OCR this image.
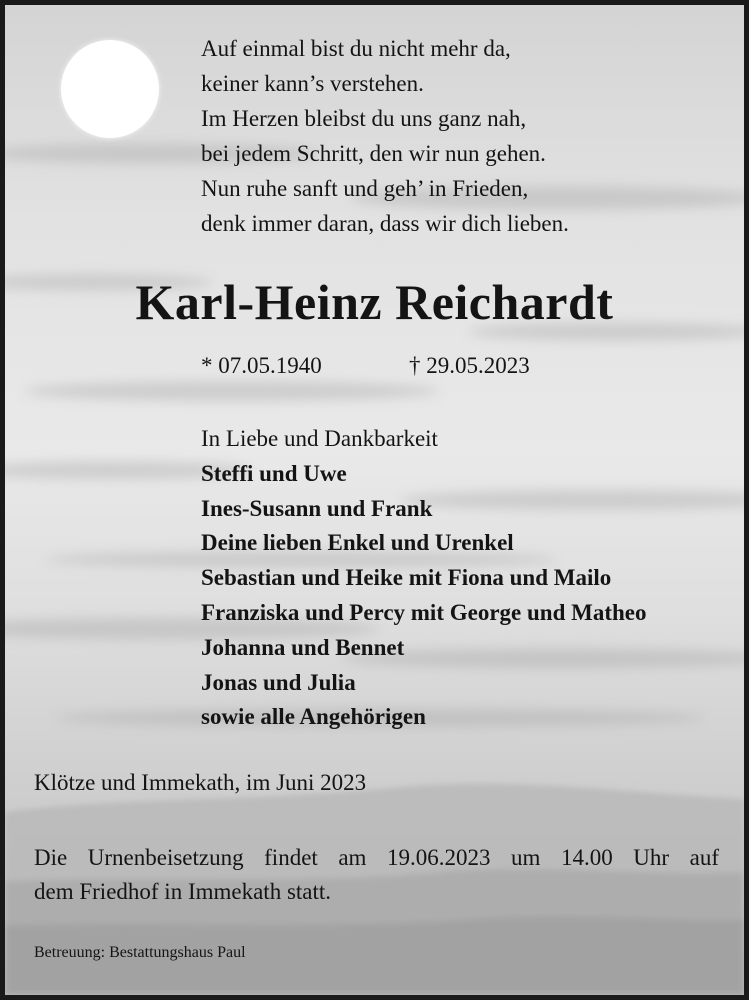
Auf einmal bist du nicht mehr da,
keiner kann’s verstehen.
Im Herzen bleibst du uns ganz nah,
bei jedem Schritt, den wir nun gehen.
Nun ruhe sanft und geh’ in Frieden,
denk immer daran, dass wir dich lieben.
Karl-Heinz Reichardt
* 07.05.1940	† 29.05.2023
In Liebe und Dankbarkeit
Steffi und Uwe
Ines-Susann und Frank
Deine lieben Enkel und Urenkel
Sebastian und Heike mit Fiona und Mailo
Franziska und Percy mit George und Matheo
Johanna und Bennet
Jonas und Julia
sowie alle Angehörigen
Klötze und Immekath, im Juni 2023
Die Urnenbeisetzung findet am 19.06.2023 um 14.00 Uhr auf
dem Friedhof in Immekath statt.
Betreuung: Bestattungshaus Paul
